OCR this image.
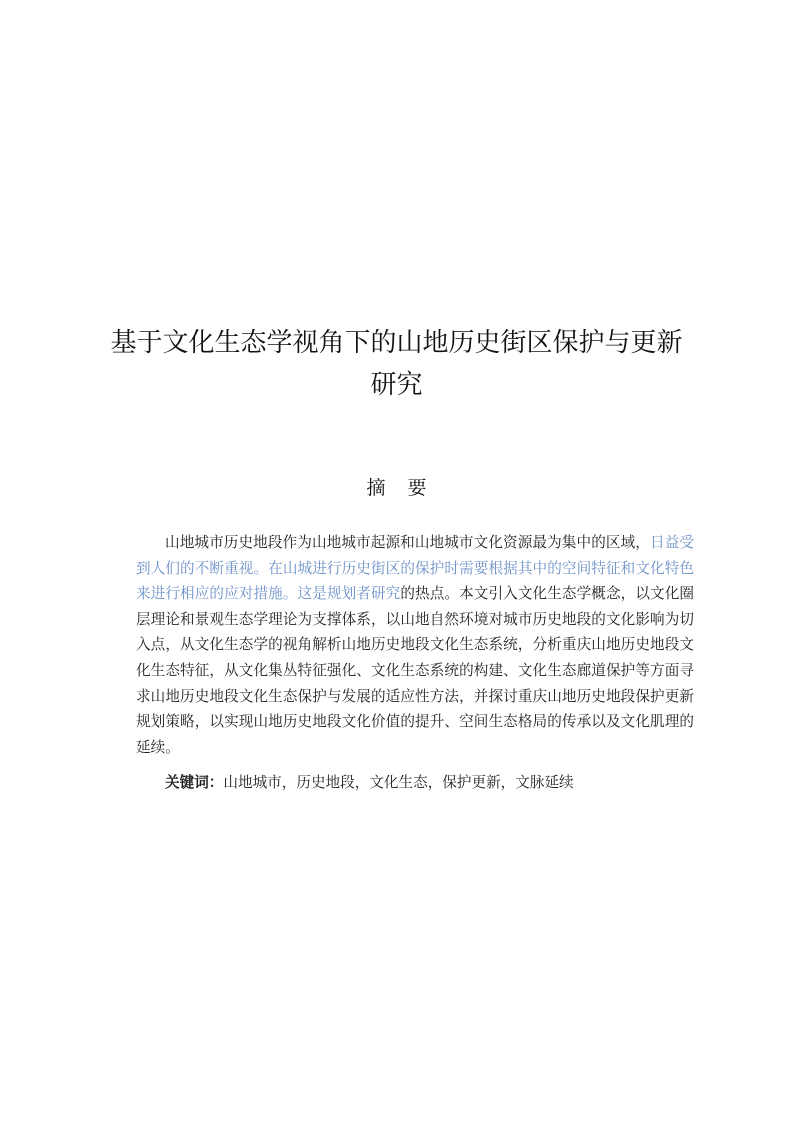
基于文化生态学视角下的山地历史街区保护与更新研究
摘要

山地城市历史地段作为山地城市起源和山地城市文化资源最为集中的区域，日益受到人们的不断重视。在山城进行历史街区的保护时需要根据其中的空间特征和文化特色来进行相应的应对措施。这是规划者研究的热点。本文引入文化生态学概念，以文化圈层理论和景观生态学理论为支撑体系，以山地自然环境对城市历史地段的文化影响为切入点，从文化生态学的视角解析山地历史地段文化生态系统，分析重庆山地历史地段文化生态特征，从文化集丛特征强化、文化生态系统的构建、文化生态廊道保护等方面寻求山地历史地段文化生态保护与发展的适应性方法，并探讨重庆山地历史地段保护更新规划策略，以实现山地历史地段文化价值的提升、空间生态格局的传承以及文化肌理的延续。

关键词：山地城市，历史地段，文化生态，保护更新，文脉延续
